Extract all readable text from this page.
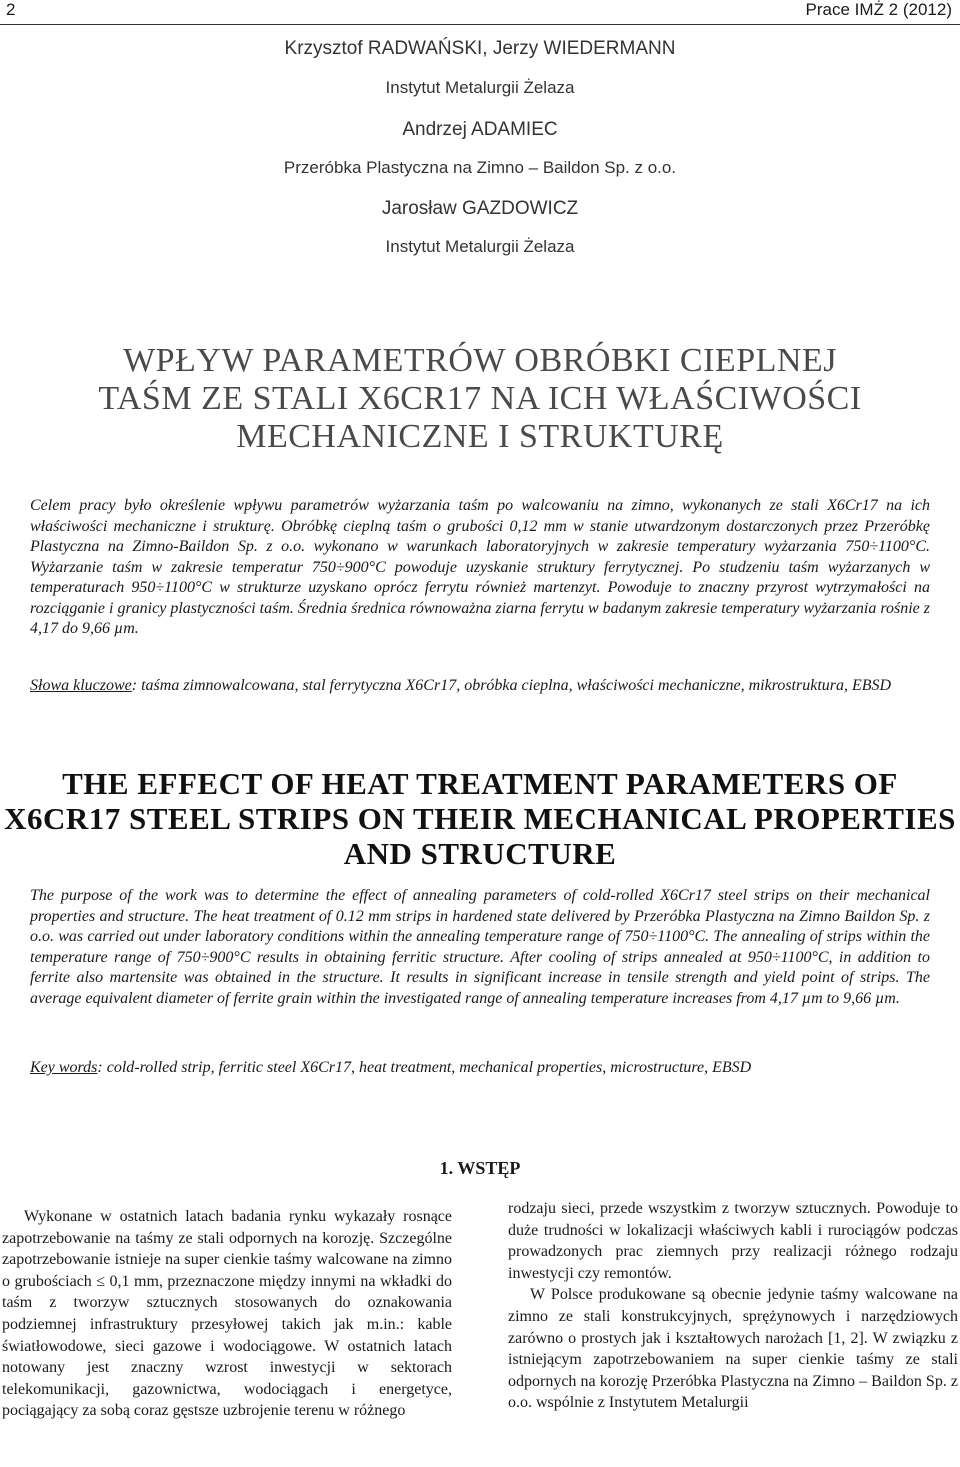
2	Prace IMŻ 2 (2012)
Krzysztof RADWAŃSKI, Jerzy WIEDERMANN
Instytut Metalurgii Żelaza
Andrzej ADAMIEC
Przeróbka Plastyczna na Zimno – Baildon Sp. z o.o.
Jarosław GAZDOWICZ
Instytut Metalurgii Żelaza
WPŁYW PARAMETRÓW OBRÓBKI CIEPLNEJ
TAŚM ZE STALI X6CR17 NA ICH WŁAŚCIWOŚCI
MECHANICZNE I STRUKTURĘ
Celem pracy było określenie wpływu parametrów wyżarzania taśm po walcowaniu na zimno, wykonanych ze stali X6Cr17 na ich właściwości mechaniczne i strukturę. Obróbkę cieplną taśm o grubości 0,12 mm w stanie utwardzonym dostarczonych przez Przeróbkę Plastyczna na Zimno-Baildon Sp. z o.o. wykonano w warunkach laboratoryjnych w zakresie temperatury wyżarzania 750÷1100°C. Wyżarzanie taśm w zakresie temperatur 750÷900°C powoduje uzyskanie struktury ferrytycznej. Po studzeniu taśm wyżarzanych w temperaturach 950÷1100°C w strukturze uzyskano oprócz ferrytu również martenzyt. Powoduje to znaczny przyrost wytrzymałości na rozciąganie i granicy plastyczności taśm. Średnia średnica równoważna ziarna ferrytu w badanym zakresie temperatury wyżarzania rośnie z 4,17 do 9,66 µm.
Słowa kluczowe: taśma zimnowalcowana, stal ferrytyczna X6Cr17, obróbka cieplna, właściwości mechaniczne, mikrostruktura, EBSD
THE EFFECT OF HEAT TREATMENT PARAMETERS OF
X6CR17 STEEL STRIPS ON THEIR MECHANICAL PROPERTIES
AND STRUCTURE
The purpose of the work was to determine the effect of annealing parameters of cold-rolled X6Cr17 steel strips on their mechanical properties and structure. The heat treatment of 0.12 mm strips in hardened state delivered by Przeróbka Plastyczna na Zimno Baildon Sp. z o.o. was carried out under laboratory conditions within the annealing temperature range of 750÷1100°C. The annealing of strips within the temperature range of 750÷900°C results in obtaining ferritic structure. After cooling of strips annealed at 950÷1100°C, in addition to ferrite also martensite was obtained in the structure. It results in significant increase in tensile strength and yield point of strips. The average equivalent diameter of ferrite grain within the investigated range of annealing temperature increases from 4,17 µm to 9,66 µm.
Key words: cold-rolled strip, ferritic steel X6Cr17, heat treatment, mechanical properties, microstructure, EBSD
1. WSTĘP

Wykonane w ostatnich latach badania rynku wykazały rosnące zapotrzebowanie na taśmy ze stali odpornych na korozję. Szczególne zapotrzebowanie istnieje na super cienkie taśmy walcowane na zimno o grubościach ≤ 0,1 mm, przeznaczone między innymi na wkładki do taśm z tworzyw sztucznych stosowanych do oznakowania podziemnej infrastruktury przesyłowej takich jak m.in.: kable światłowodowe, sieci gazowe i wodociągowe. W ostatnich latach notowany jest znaczny wzrost inwestycji w sektorach telekomunikacji, gazownictwa, wodociągach i energetyce, pociągający za sobą coraz gęstsze uzbrojenie terenu w różnego

rodzaju sieci, przede wszystkim z tworzyw sztucznych. Powoduje to duże trudności w lokalizacji właściwych kabli i rurociągów podczas prowadzonych prac ziemnych przy realizacji różnego rodzaju inwestycji czy remontów.

W Polsce produkowane są obecnie jedynie taśmy walcowane na zimno ze stali konstrukcyjnych, sprężynowych i narzędziowych zarówno o prostych jak i kształtowych narożach [1, 2]. W związku z istniejącym zapotrzebowaniem na super cienkie taśmy ze stali odpornych na korozję Przeróbka Plastyczna na Zimno – Baildon Sp. z o.o. wspólnie z Instytutem Metalurgii
